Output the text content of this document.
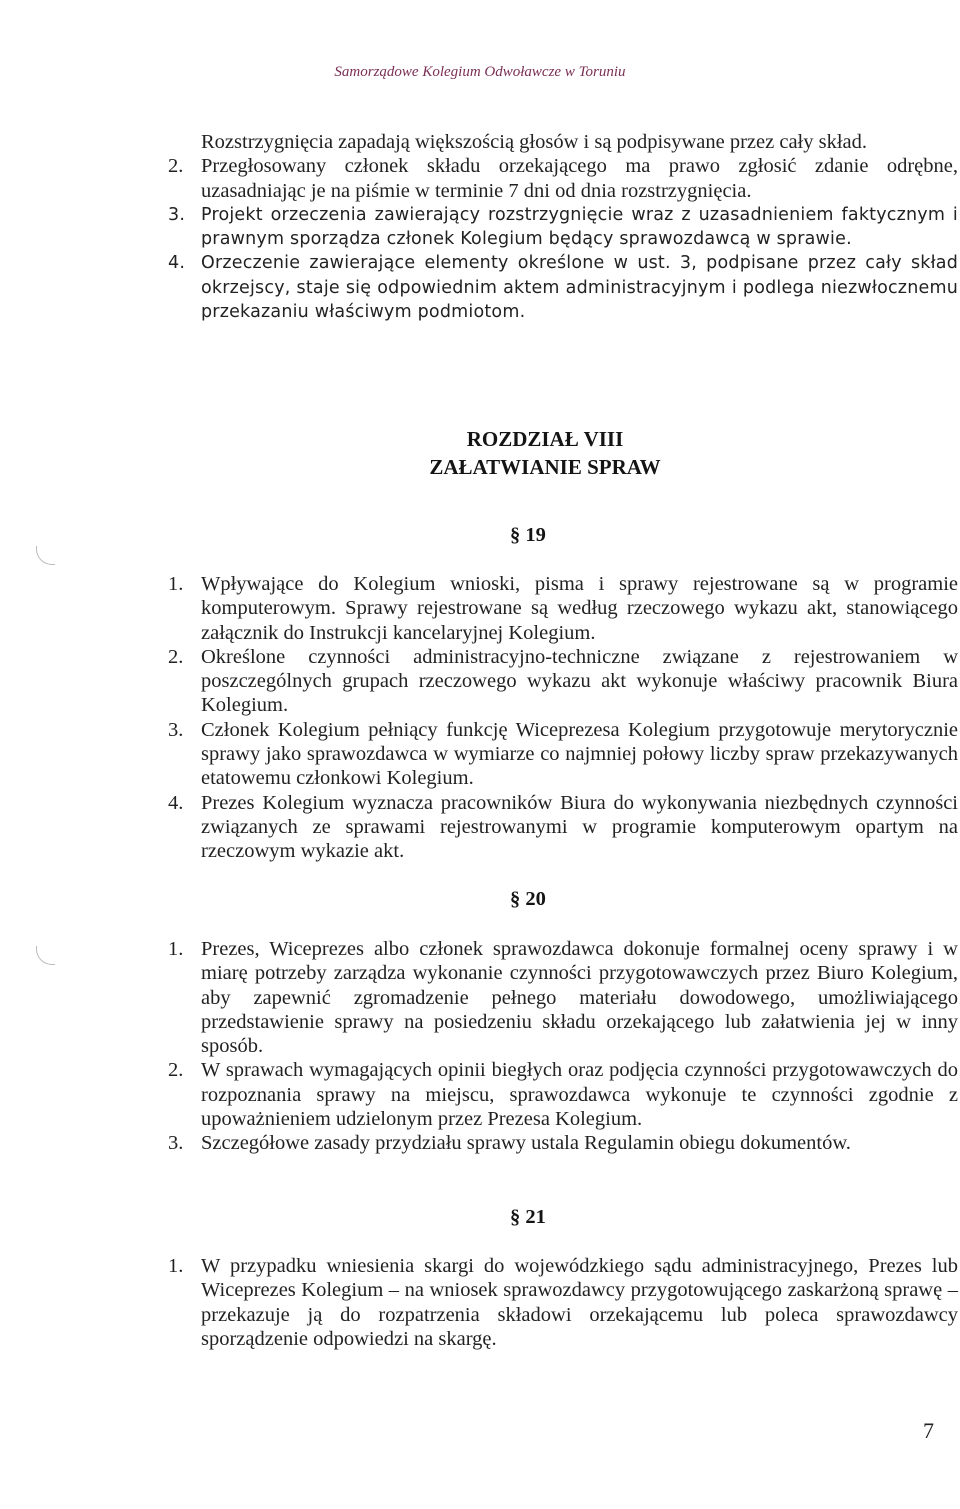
Samorządowe Kolegium Odwoławcze w Toruniu
Rozstrzygnięcia zapadają większością głosów i są podpisywane przez cały skład.
2. Przegłosowany członek składu orzekającego ma prawo zgłosić zdanie odrębne, uzasadniając je na piśmie w terminie 7 dni od dnia rozstrzygnięcia.
3. Projekt orzeczenia zawierający rozstrzygnięcie wraz z uzasadnieniem faktycznym i prawnym sporządza członek Kolegium będący sprawozdawcą w sprawie.
4. Orzeczenie zawierające elementy określone w ust. 3, podpisane przez cały skład okrzejscy, staje się odpowiednim aktem administracyjnym i podlega niezwłocznemu przekazaniu właściwym podmiotom.
ROZDZIAŁ VIII
ZAŁATWIANIE SPRAW
§ 19
1. Wpływające do Kolegium wnioski, pisma i sprawy rejestrowane są w programie komputerowym. Sprawy rejestrowane są według rzeczowego wykazu akt, stanowiącego załącznik do Instrukcji kancelaryjnej Kolegium.
2. Określone czynności administracyjno-techniczne związane z rejestrowaniem w poszczególnych grupach rzeczowego wykazu akt wykonuje właściwy pracownik Biura Kolegium.
3. Członek Kolegium pełniący funkcję Wiceprezesa Kolegium przygotowuje merytorycznie sprawy jako sprawozdawca w wymiarze co najmniej połowy liczby spraw przekazywanych etatowemu członkowi Kolegium.
4. Prezes Kolegium wyznacza pracowników Biura do wykonywania niezbędnych czynności związanych ze sprawami rejestrowanymi w programie komputerowym opartym na rzeczowym wykazie akt.
§ 20
1. Prezes, Wiceprezes albo członek sprawozdawca dokonuje formalnej oceny sprawy i w miarę potrzeby zarządza wykonanie czynności przygotowawczych przez Biuro Kolegium, aby zapewnić zgromadzenie pełnego materiału dowodowego, umożliwiającego przedstawienie sprawy na posiedzeniu składu orzekającego lub załatwienia jej w inny sposób.
2. W sprawach wymagających opinii biegłych oraz podjęcia czynności przygotowawczych do rozpoznania sprawy na miejscu, sprawozdawca wykonuje te czynności zgodnie z upoważnieniem udzielonym przez Prezesa Kolegium.
3. Szczegółowe zasady przydziału sprawy ustala Regulamin obiegu dokumentów.
§ 21
1. W przypadku wniesienia skargi do wojewódzkiego sądu administracyjnego, Prezes lub Wiceprezes Kolegium – na wniosek sprawozdawcy przygotowującego zaskarżoną sprawę – przekazuje ją do rozpatrzenia składowi orzekającemu lub poleca sprawozdawcy sporządzenie odpowiedzi na skargę.
7
